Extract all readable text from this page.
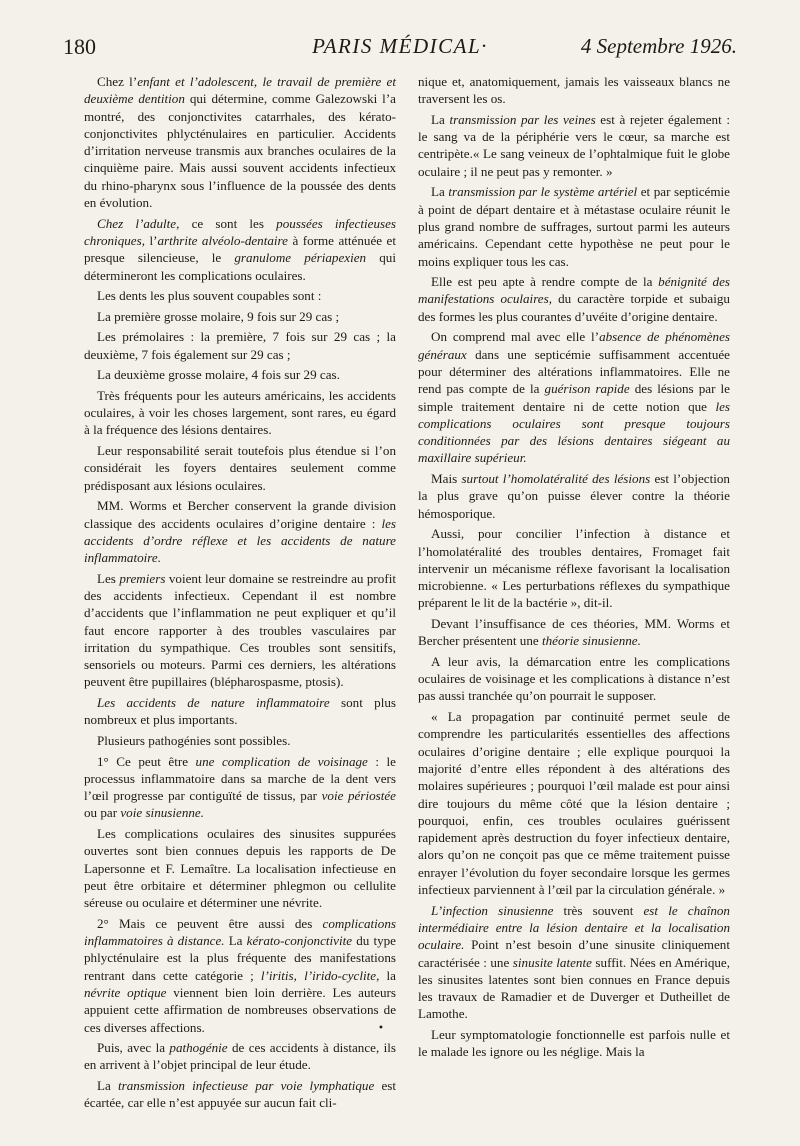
180	PARIS MÉDICAL·	4 Septembre 1926.

Chez l’enfant et l’adolescent, le travail de première et deuxième dentition qui détermine, comme Galezowski l’a montré, des conjonctivites catarrhales, des kérato-conjonctivites phlycténulaires en particulier. Accidents d’irritation nerveuse transmis aux branches oculaires de la cinquième paire. Mais aussi souvent accidents infectieux du rhino-pharynx sous l’influence de la poussée des dents en évolution.

Chez l’adulte, ce sont les poussées infectieuses chroniques, l’arthrite alvéolo-dentaire à forme atténuée et presque silencieuse, le granulome périapexien qui détermineront les complications oculaires.

Les dents les plus souvent coupables sont :

La première grosse molaire, 9 fois sur 29 cas ;

Les prémolaires : la première, 7 fois sur 29 cas ; la deuxième, 7 fois également sur 29 cas ;

La deuxième grosse molaire, 4 fois sur 29 cas.

Très fréquents pour les auteurs américains, les accidents oculaires, à voir les choses largement, sont rares, eu égard à la fréquence des lésions dentaires.

Leur responsabilité serait toutefois plus étendue si l’on considérait les foyers dentaires seulement comme prédisposant aux lésions oculaires.

MM. Worms et Bercher conservent la grande division classique des accidents oculaires d’origine dentaire : les accidents d’ordre réflexe et les accidents de nature inflammatoire.

Les premiers voient leur domaine se restreindre au profit des accidents infectieux. Cependant il est nombre d’accidents que l’inflammation ne peut expliquer et qu’il faut encore rapporter à des troubles vasculaires par irritation du sympathique. Ces troubles sont sensitifs, sensoriels ou moteurs. Parmi ces derniers, les altérations peuvent être pupillaires (blépharospasme, ptosis).

Les accidents de nature inflammatoire sont plus nombreux et plus importants.

Plusieurs pathogénies sont possibles.

1° Ce peut être une complication de voisinage : le processus inflammatoire dans sa marche de la dent vers l’œil progresse par contiguïté de tissus, par voie périostée ou par voie sinusienne.

Les complications oculaires des sinusites suppurées ouvertes sont bien connues depuis les rapports de De Lapersonne et F. Lemaître. La localisation infectieuse en peut être orbitaire et déterminer phlegmon ou cellulite séreuse ou oculaire et déterminer une névrite.

2° Mais ce peuvent être aussi des complications inflammatoires à distance. La kérato-conjonctivite du type phlycténulaire est la plus fréquente des manifestations rentrant dans cette catégorie ; l’iritis, l’irido-cyclite, la névrite optique viennent bien loin derrière. Les auteurs appuient cette affirmation de nombreuses observations de ces diverses affections.

Puis, avec la pathogénie de ces accidents à distance, ils en arrivent à l’objet principal de leur étude.

La transmission infectieuse par voie lymphatique est écartée, car elle n’est appuyée sur aucun fait cli-

•

nique et, anatomiquement, jamais les vaisseaux blancs ne traversent les os.

La transmission par les veines est à rejeter également : le sang va de la périphérie vers le cœur, sa marche est centripète.« Le sang veineux de l’ophtalmique fuit le globe oculaire ; il ne peut pas y remonter. »

La transmission par le système artériel et par septicémie à point de départ dentaire et à métastase oculaire réunit le plus grand nombre de suffrages, surtout parmi les auteurs américains. Cependant cette hypothèse ne peut pour le moins expliquer tous les cas.

Elle est peu apte à rendre compte de la bénignité des manifestations oculaires, du caractère torpide et subaigu des formes les plus courantes d’uvéite d’origine dentaire.

On comprend mal avec elle l’absence de phénomènes généraux dans une septicémie suffisamment accentuée pour déterminer des altérations inflammatoires. Elle ne rend pas compte de la guérison rapide des lésions par le simple traitement dentaire ni de cette notion que les complications oculaires sont presque toujours conditionnées par des lésions dentaires siégeant au maxillaire supérieur.

Mais surtout l’homolatéralité des lésions est l’objection la plus grave qu’on puisse élever contre la théorie hémosporique.

Aussi, pour concilier l’infection à distance et l’homolatéralité des troubles dentaires, Fromaget fait intervenir un mécanisme réflexe favorisant la localisation microbienne. « Les perturbations réflexes du sympathique préparent le lit de la bactérie », dit-il.

Devant l’insuffisance de ces théories, MM. Worms et Bercher présentent une théorie sinusienne.

A leur avis, la démarcation entre les complications oculaires de voisinage et les complications à distance n’est pas aussi tranchée qu’on pourrait le supposer.

« La propagation par continuité permet seule de comprendre les particularités essentielles des affections oculaires d’origine dentaire ; elle explique pourquoi la majorité d’entre elles répondent à des altérations des molaires supérieures ; pourquoi l’œil malade est pour ainsi dire toujours du même côté que la lésion dentaire ; pourquoi, enfin, ces troubles oculaires guérissent rapidement après destruction du foyer infectieux dentaire, alors qu’on ne conçoit pas que ce même traitement puisse enrayer l’évolution du foyer secondaire lorsque les germes infectieux parviennent à l’œil par la circulation générale. »

L’infection sinusienne très souvent est le chaînon intermédiaire entre la lésion dentaire et la localisation oculaire. Point n’est besoin d’une sinusite cliniquement caractérisée : une sinusite latente suffit. Nées en Amérique, les sinusites latentes sont bien connues en France depuis les travaux de Ramadier et de Duverger et Dutheillet de Lamothe.

Leur symptomatologie fonctionnelle est parfois nulle et le malade les ignore ou les néglige. Mais la
